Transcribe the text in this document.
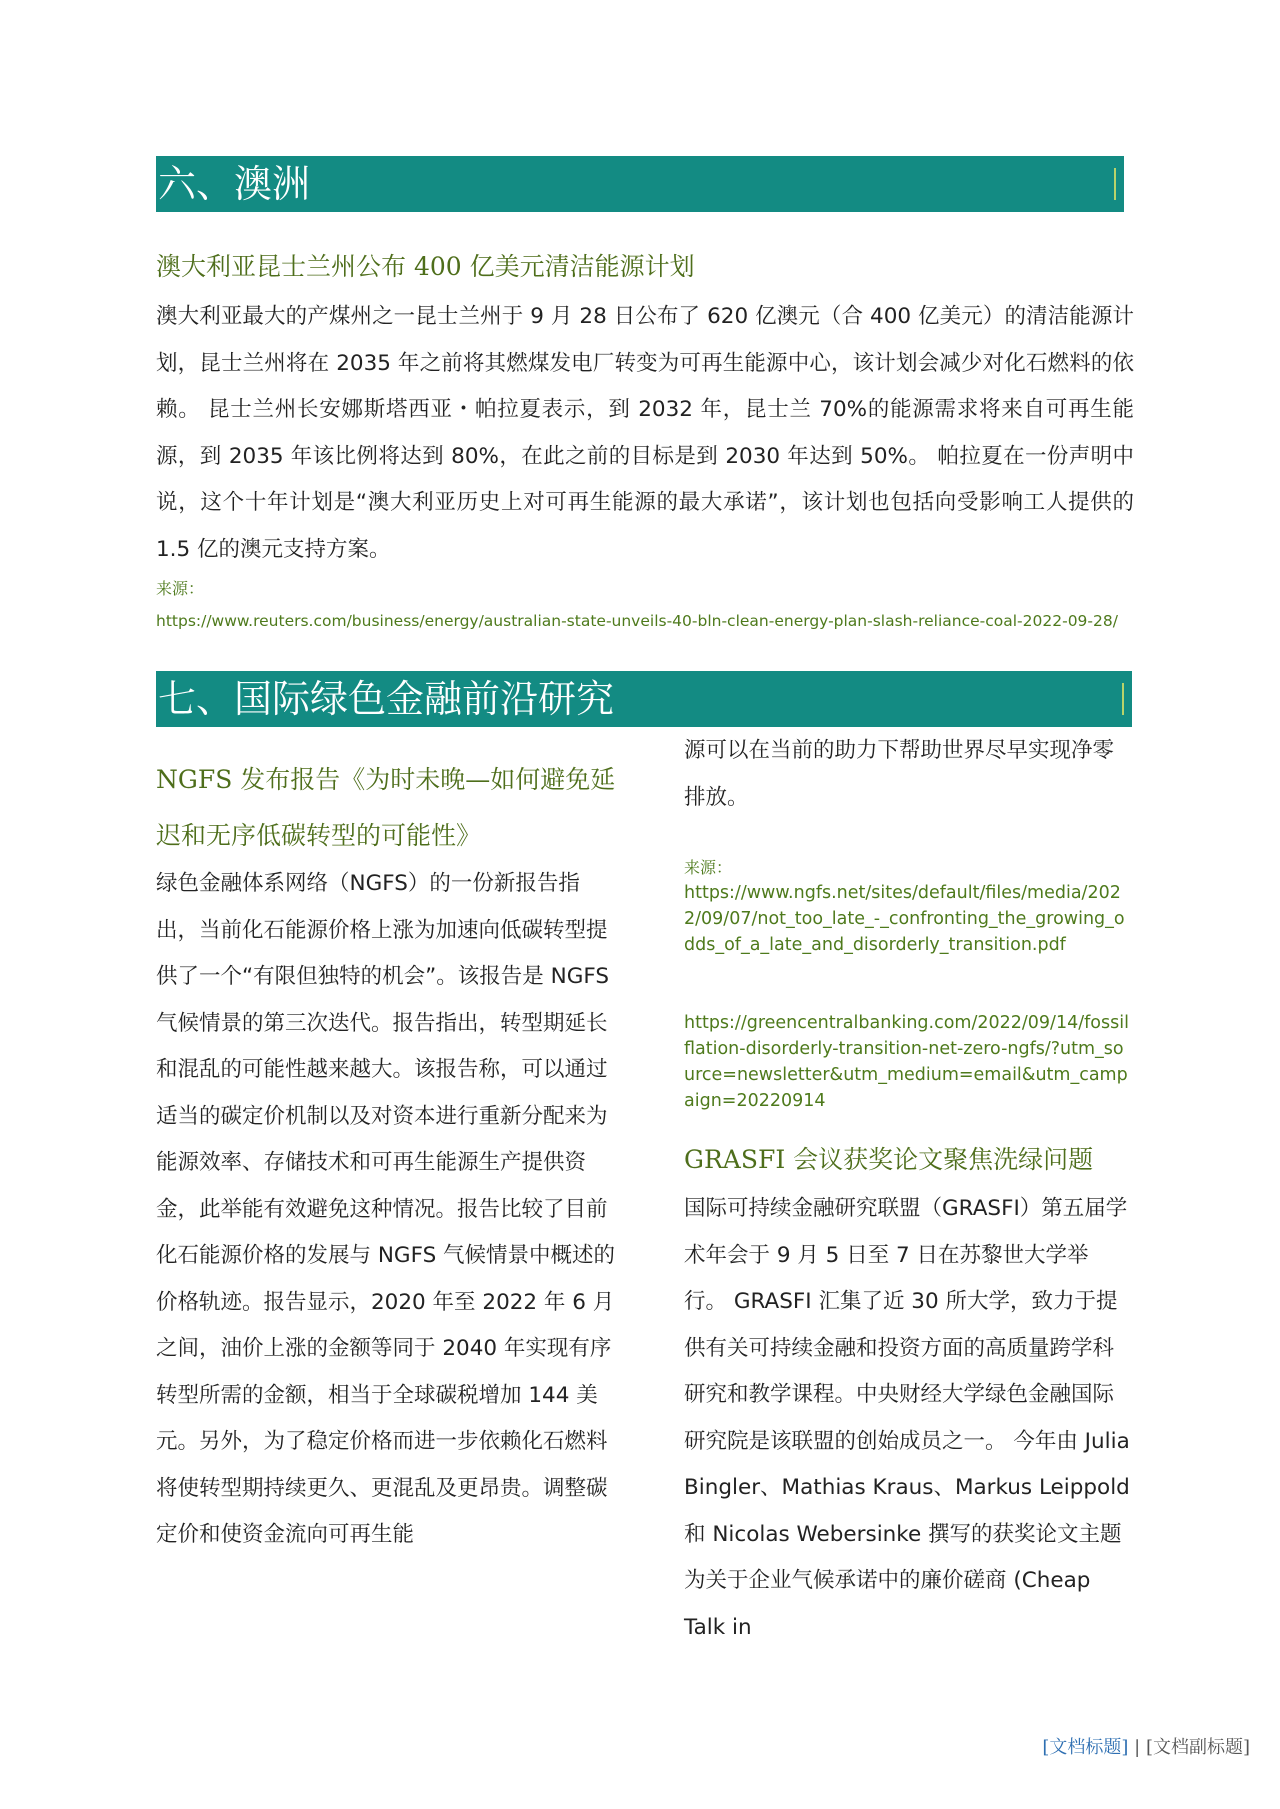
六、澳洲
澳大利亚昆士兰州公布 400 亿美元清洁能源计划

澳大利亚最大的产煤州之一昆士兰州于 9 月 28 日公布了 620 亿澳元（合 400 亿美元）的清洁能源计划，昆士兰州将在 2035 年之前将其燃煤发电厂转变为可再生能源中心，该计划会减少对化石燃料的依赖。 昆士兰州长安娜斯塔西亚・帕拉夏表示，到 2032 年，昆士兰 70%的能源需求将来自可再生能源，到 2035 年该比例将达到 80%，在此之前的目标是到 2030 年达到 50%。 帕拉夏在一份声明中说，这个十年计划是“澳大利亚历史上对可再生能源的最大承诺”，该计划也包括向受影响工人提供的 1.5 亿的澳元支持方案。

来源：
https://www.reuters.com/business/energy/australian-state-unveils-40-bln-clean-energy-plan-slash-reliance-coal-2022-09-28/
七、国际绿色金融前沿研究
NGFS 发布报告《为时未晚—如何避免延迟和无序低碳转型的可能性》

绿色金融体系网络（NGFS）的一份新报告指出，当前化石能源价格上涨为加速向低碳转型提供了一个“有限但独特的机会”。该报告是 NGFS 气候情景的第三次迭代。报告指出，转型期延长和混乱的可能性越来越大。该报告称，可以通过适当的碳定价机制以及对资本进行重新分配来为能源效率、存储技术和可再生能源生产提供资金，此举能有效避免这种情况。报告比较了目前化石能源价格的发展与 NGFS 气候情景中概述的价格轨迹。报告显示，2020 年至 2022 年 6 月之间，油价上涨的金额等同于 2040 年实现有序转型所需的金额，相当于全球碳税增加 144 美元。另外，为了稳定价格而进一步依赖化石燃料将使转型期持续更久、更混乱及更昂贵。调整碳定价和使资金流向可再生能

源可以在当前的助力下帮助世界尽早实现净零排放。

来源：

https://www.ngfs.net/sites/default/files/media/2022/09/07/not_too_late_-_confronting_the_growing_odds_of_a_late_and_disorderly_transition.pdf

https://greencentralbanking.com/2022/09/14/fossilflation-disorderly-transition-net-zero-ngfs/?utm_source=newsletter&utm_medium=email&utm_campaign=20220914

GRASFI 会议获奖论文聚焦洗绿问题

国际可持续金融研究联盟（GRASFI）第五届学术年会于 9 月 5 日至 7 日在苏黎世大学举行。 GRASFI 汇集了近 30 所大学，致力于提供有关可持续金融和投资方面的高质量跨学科研究和教学课程。中央财经大学绿色金融国际研究院是该联盟的创始成员之一。 今年由 Julia Bingler、Mathias Kraus、Markus Leippold 和 Nicolas Webersinke 撰写的获奖论文主题为关于企业气候承诺中的廉价磋商 (Cheap Talk in

[文档标题] | [文档副标题]
